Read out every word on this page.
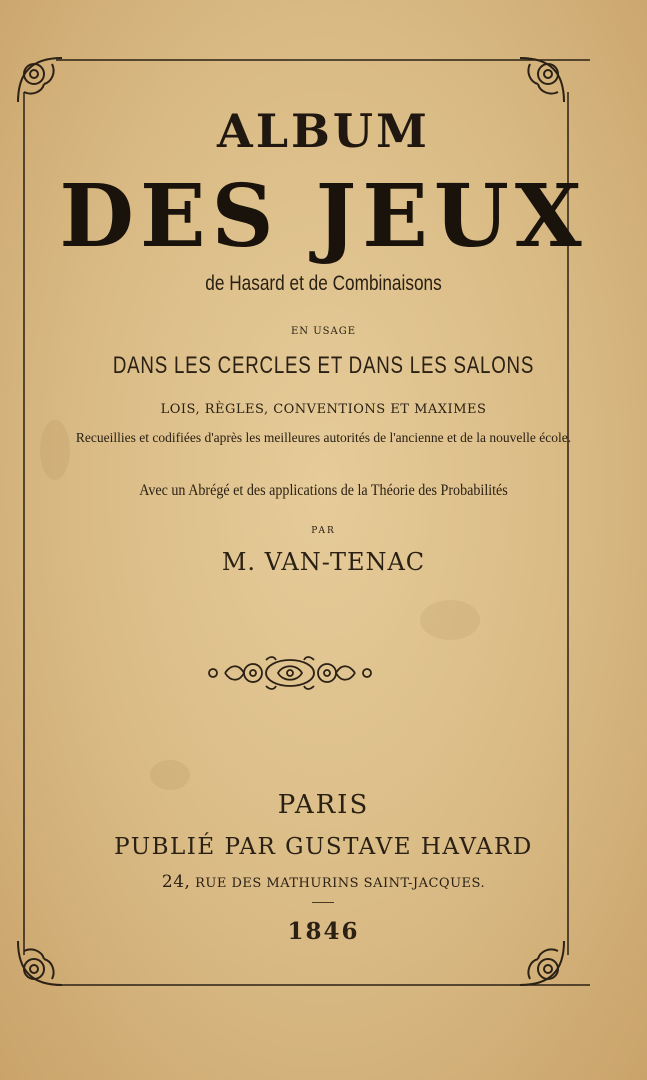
ALBUM
DES JEUX
de Hasard et de Combinaisons
EN USAGE
DANS LES CERCLES ET DANS LES SALONS
LOIS, RÈGLES, CONVENTIONS ET MAXIMES
Recueillies et codifiées d'après les meilleures autorités de l'ancienne et de la nouvelle école.
Avec un Abrégé et des applications de la Théorie des Probabilités
PAR
M. VAN-TENAC
PARIS
PUBLIÉ PAR GUSTAVE HAVARD
24, RUE DES MATHURINS SAINT-JACQUES.
1846
